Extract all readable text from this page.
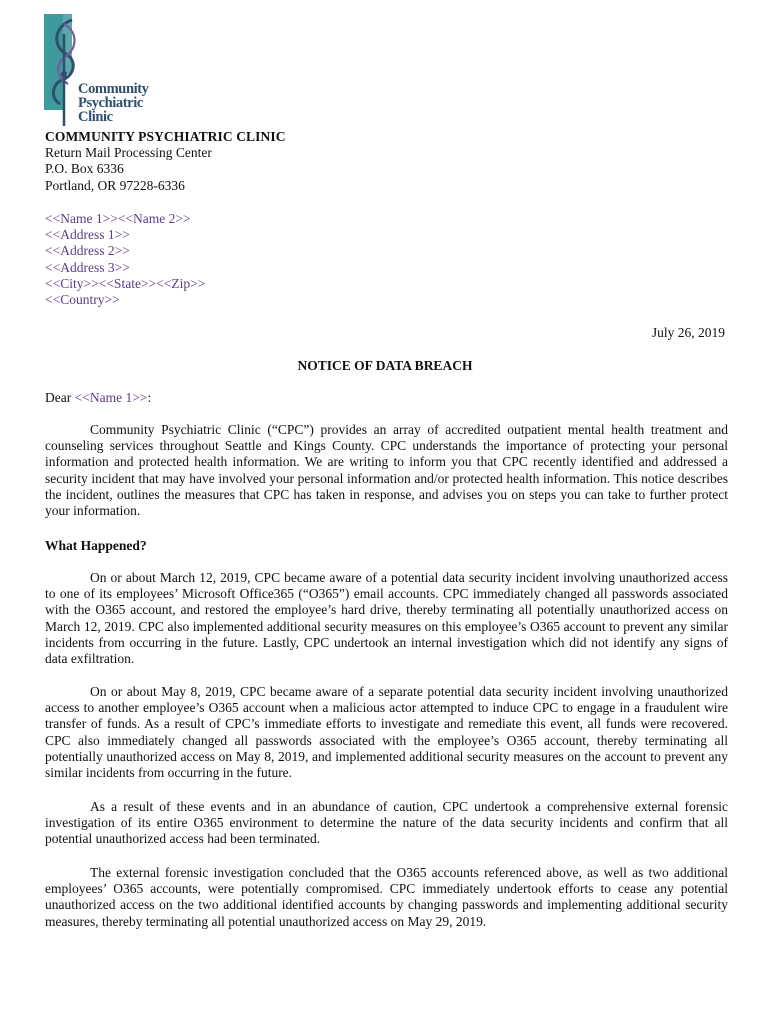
Community
Psychiatric
Clinic
COMMUNITY PSYCHIATRIC CLINIC
Return Mail Processing Center
P.O. Box 6336
Portland, OR 97228-6336
<<Name 1>><<Name 2>>
<<Address 1>>
<<Address 2>>
<<Address 3>>
<<City>><<State>><<Zip>>
<<Country>>
July 26, 2019
NOTICE OF DATA BREACH
Dear <<Name 1>>:

Community Psychiatric Clinic (“CPC”) provides an array of accredited outpatient mental health treatment and counseling services throughout Seattle and Kings County. CPC understands the importance of protecting your personal information and protected health information. We are writing to inform you that CPC recently identified and addressed a security incident that may have involved your personal information and/or protected health information. This notice describes the incident, outlines the measures that CPC has taken in response, and advises you on steps you can take to further protect your information.

What Happened?

On or about March 12, 2019, CPC became aware of a potential data security incident involving unauthorized access to one of its employees’ Microsoft Office365 (“O365”) email accounts. CPC immediately changed all passwords associated with the O365 account, and restored the employee’s hard drive, thereby terminating all potentially unauthorized access on March 12, 2019. CPC also implemented additional security measures on this employee’s O365 account to prevent any similar incidents from occurring in the future. Lastly, CPC undertook an internal investigation which did not identify any signs of data exfiltration.

On or about May 8, 2019, CPC became aware of a separate potential data security incident involving unauthorized access to another employee’s O365 account when a malicious actor attempted to induce CPC to engage in a fraudulent wire transfer of funds. As a result of CPC’s immediate efforts to investigate and remediate this event, all funds were recovered. CPC also immediately changed all passwords associated with the employee’s O365 account, thereby terminating all potentially unauthorized access on May 8, 2019, and implemented additional security measures on the account to prevent any similar incidents from occurring in the future.

As a result of these events and in an abundance of caution, CPC undertook a comprehensive external forensic investigation of its entire O365 environment to determine the nature of the data security incidents and confirm that all potential unauthorized access had been terminated.

The external forensic investigation concluded that the O365 accounts referenced above, as well as two additional employees’ O365 accounts, were potentially compromised. CPC immediately undertook efforts to cease any potential unauthorized access on the two additional identified accounts by changing passwords and implementing additional security measures, thereby terminating all potential unauthorized access on May 29, 2019.
